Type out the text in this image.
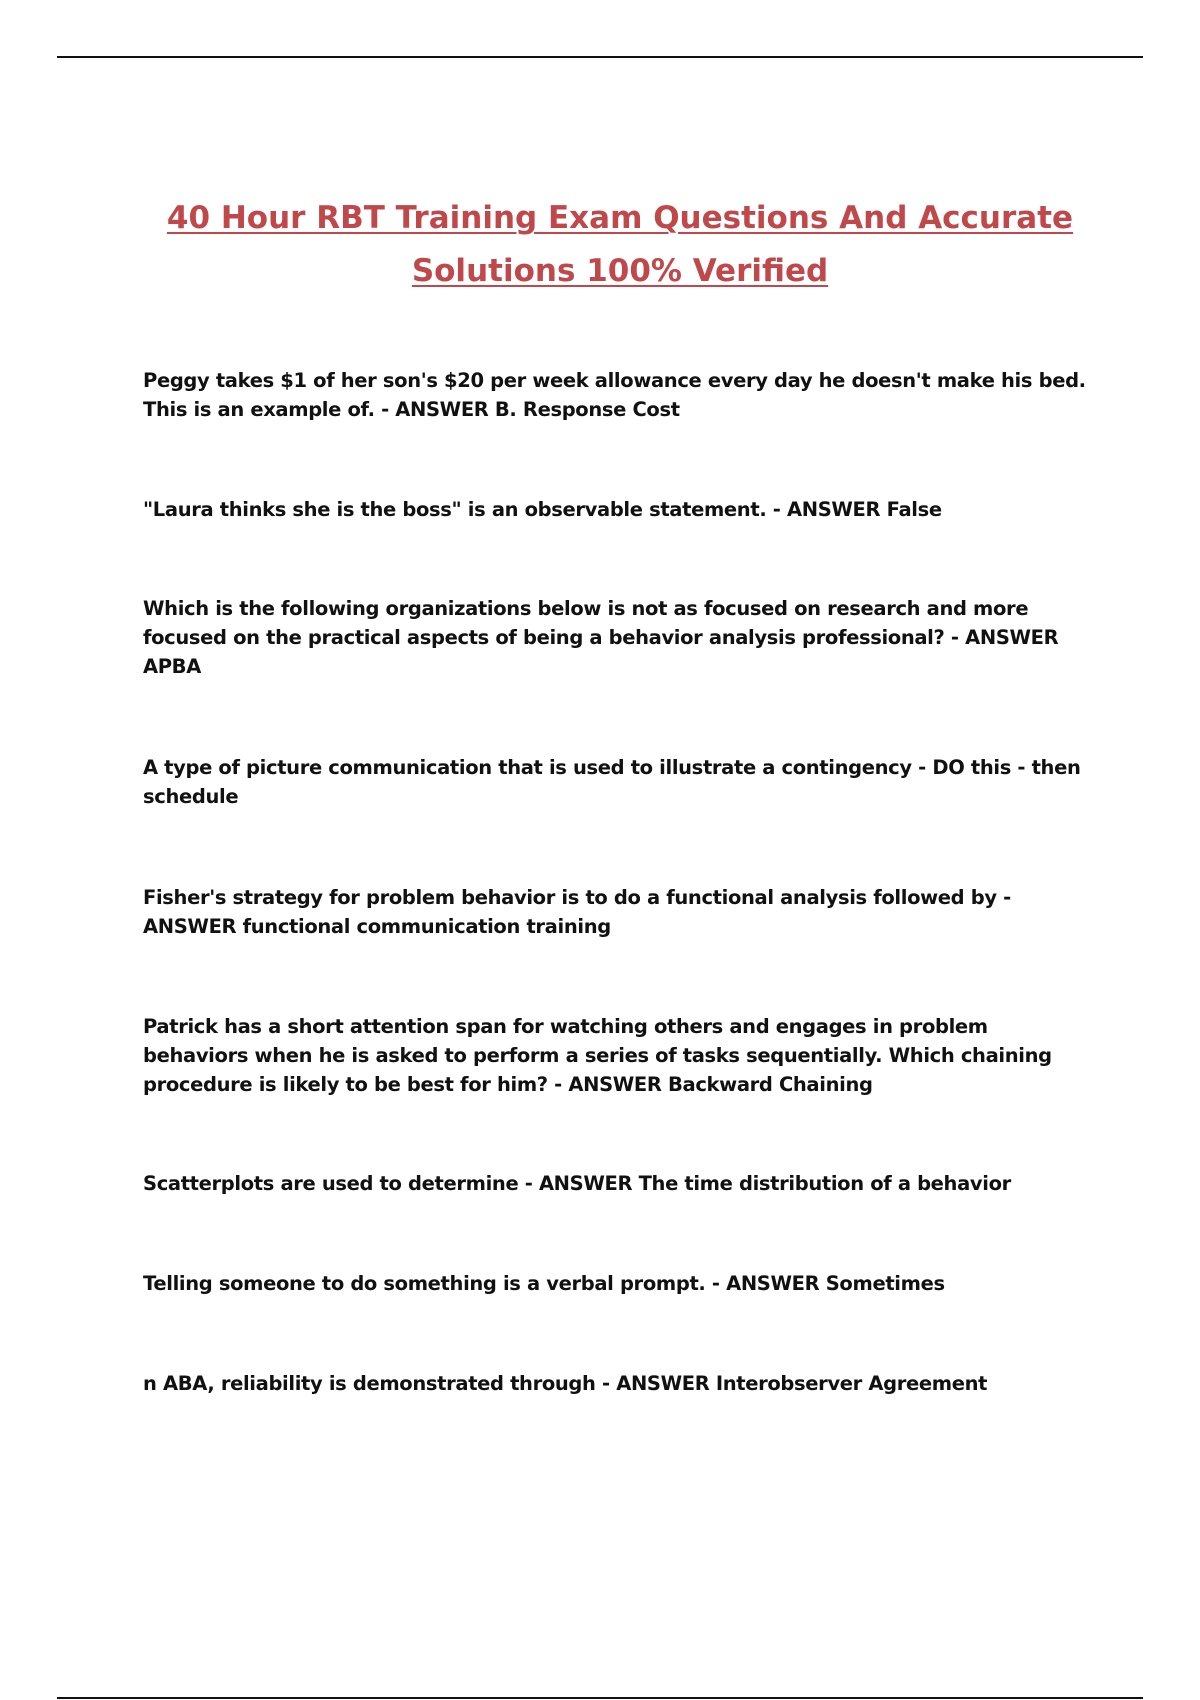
40 Hour RBT Training Exam Questions And Accurate
Solutions 100% Verified

Peggy takes $1 of her son's $20 per week allowance every day he doesn't make his bed.
This is an example of. - ANSWER B. Response Cost

"Laura thinks she is the boss" is an observable statement. - ANSWER False

Which is the following organizations below is not as focused on research and more
focused on the practical aspects of being a behavior analysis professional? - ANSWER
APBA

A type of picture communication that is used to illustrate a contingency - DO this - then
schedule

Fisher's strategy for problem behavior is to do a functional analysis followed by -
ANSWER functional communication training

Patrick has a short attention span for watching others and engages in problem
behaviors when he is asked to perform a series of tasks sequentially. Which chaining
procedure is likely to be best for him? - ANSWER Backward Chaining

Scatterplots are used to determine - ANSWER The time distribution of a behavior

Telling someone to do something is a verbal prompt. - ANSWER Sometimes

n ABA, reliability is demonstrated through - ANSWER Interobserver Agreement
